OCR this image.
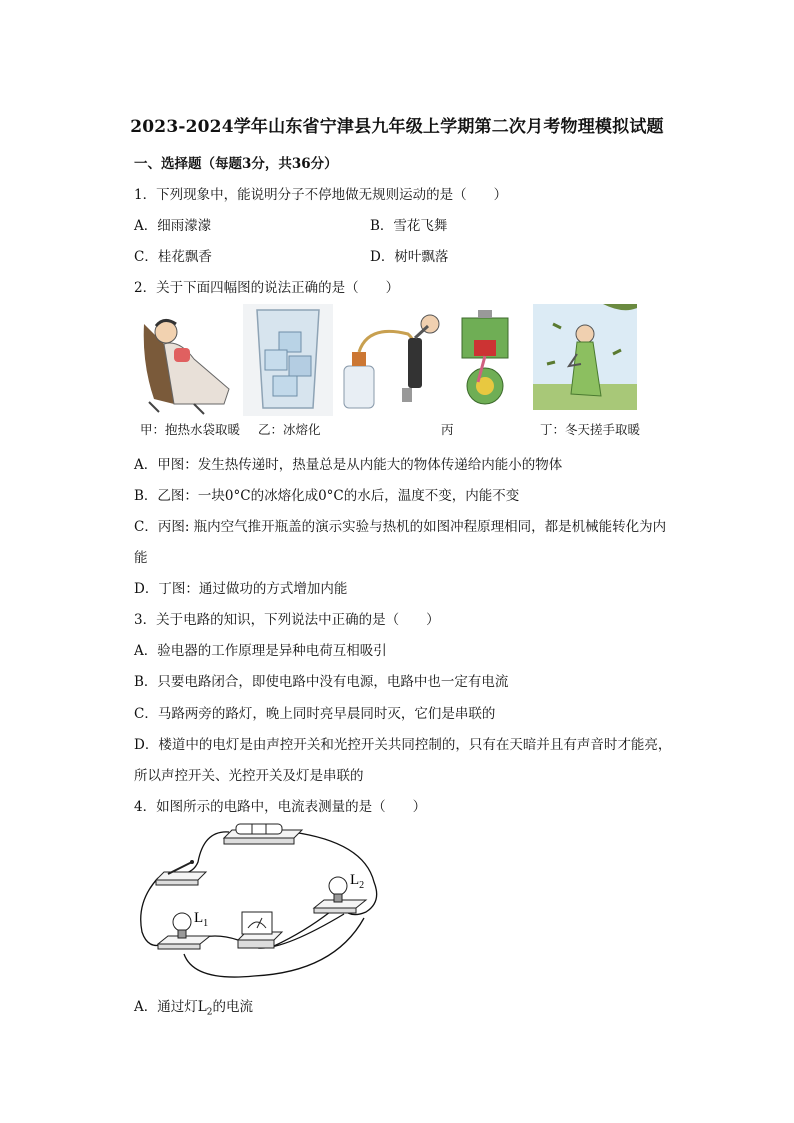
2023-2024学年山东省宁津县九年级上学期第二次月考物理模拟试题
一、选择题（每题3分，共36分）
1．下列现象中，能说明分子不停地做无规则运动的是（　　）
A．细雨濛濛	B．雪花飞舞
C．桂花飘香	D．树叶飘落
2．关于下面四幅图的说法正确的是（　　）
甲：抱热水袋取暖 乙：冰熔化	丙	丁：冬天搓手取暖
A．甲图：发生热传递时，热量总是从内能大的物体传递给内能小的物体
B．乙图：一块0°C的冰熔化成0°C的水后，温度不变，内能不变
C．丙图: 瓶内空气推开瓶盖的演示实验与热机的如图冲程原理相同，都是机械能转化为内
能
D．丁图：通过做功的方式增加内能
3．关于电路的知识，下列说法中正确的是（　　）
A．验电器的工作原理是异种电荷互相吸引
B．只要电路闭合，即使电路中没有电源，电路中也一定有电流
C．马路两旁的路灯，晚上同时亮早晨同时灭，它们是串联的
D．楼道中的电灯是由声控开关和光控开关共同控制的，只有在天暗并且有声音时才能亮，
所以声控开关、光控开关及灯是串联的
4．如图所示的电路中，电流表测量的是（　　）
$L_1$
$L_2$
A．通过灯$L_2$的电流
